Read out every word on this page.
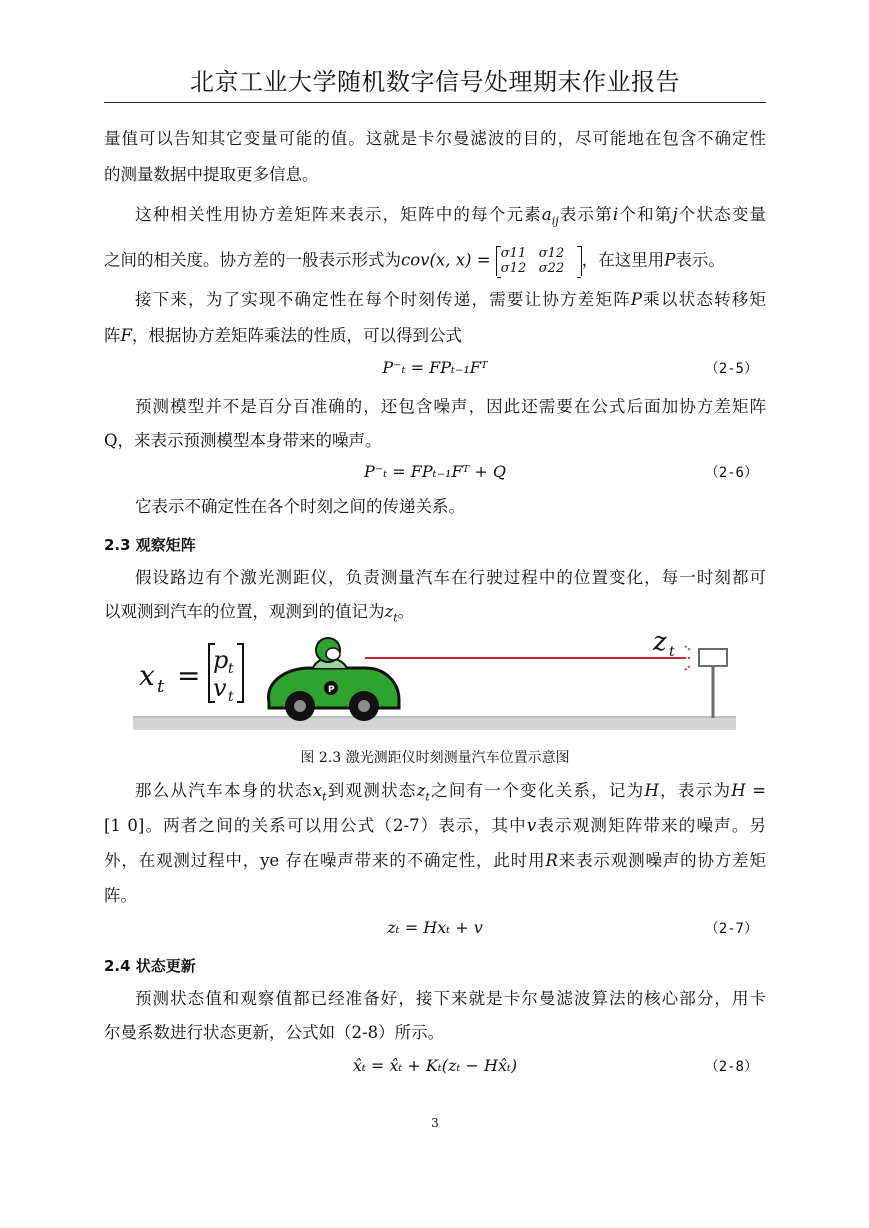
北京工业大学随机数字信号处理期末作业报告
量值可以告知其它变量可能的值。这就是卡尔曼滤波的目的，尽可能地在包含不确定性
的测量数据中提取更多信息。
这种相关性用协方差矩阵来表示，矩阵中的每个元素$a_{ij}$表示第i个和第j个状态变量
之间的相关度。协方差的一般表示形式为cov(x, x) = σ11 σ12
σ12 σ22 ，在这里用P表示。
接下来，为了实现不确定性在每个时刻传递，需要让协方差矩阵P乘以状态转移矩
阵F，根据协方差矩阵乘法的性质，可以得到公式
P⁻ₜ = FPₜ₋₁Fᵀ	（2-5）
预测模型并不是百分百准确的，还包含噪声，因此还需要在公式后面加协方差矩阵
Q，来表示预测模型本身带来的噪声。
P⁻ₜ = FPₜ₋₁Fᵀ + Q	（2-6）
它表示不确定性在各个时刻之间的传递关系。
2.3 观察矩阵
假设路边有个激光测距仪，负责测量汽车在行驶过程中的位置变化，每一时刻都可
以观测到汽车的位置，观测到的值记为$z_t$。
x t = p t
v t	P
z t
图 2.3 激光测距仪时刻测量汽车位置示意图
那么从汽车本身的状态$x_t$到观测状态$z_t$之间有一个变化关系，记为H，表示为H =
[1 0]。两者之间的关系可以用公式（2-7）表示，其中v表示观测矩阵带来的噪声。另
外，在观测过程中，ye 存在噪声带来的不确定性，此时用R来表示观测噪声的协方差矩
阵。
zₜ = Hxₜ + v	（2-7）
2.4 状态更新
预测状态值和观察值都已经准备好，接下来就是卡尔曼滤波算法的核心部分，用卡
尔曼系数进行状态更新，公式如（2-8）所示。
x̂ₜ = x̂ₜ + Kₜ(zₜ − Hx̂ₜ)	（2-8）
3
